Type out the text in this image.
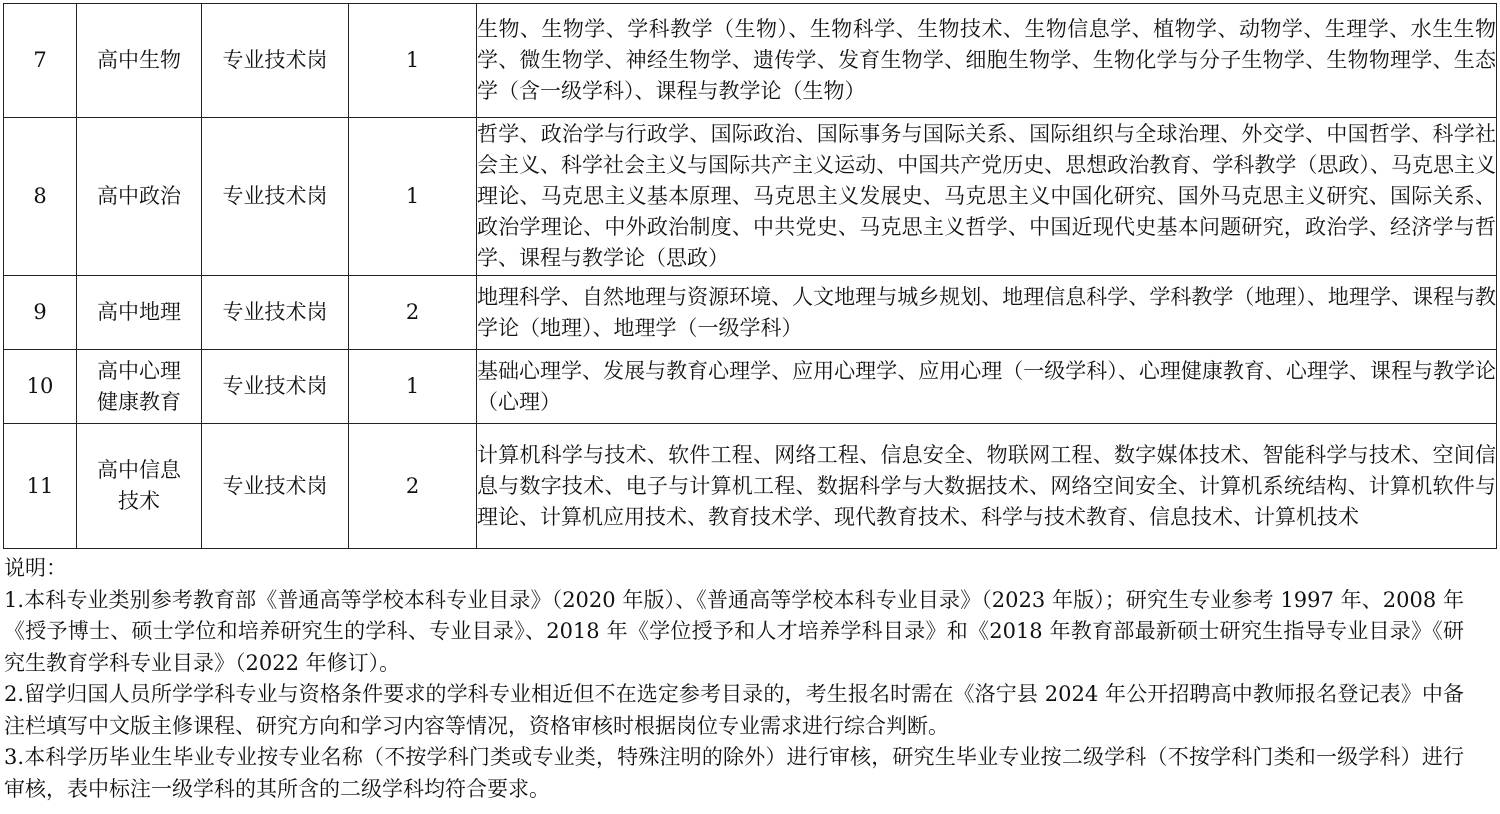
7	高中生物	专业技术岗	1	生物、生物学、学科教学（生物）、生物科学、生物技术、生物信息学、植物学、动物学、生理学、水生生物学、微生物学、神经生物学、遗传学、发育生物学、细胞生物学、生物化学与分子生物学、生物物理学、生态学（含一级学科）、课程与教学论（生物）
8	高中政治	专业技术岗	1	哲学、政治学与行政学、国际政治、国际事务与国际关系、国际组织与全球治理、外交学、中国哲学、科学社会主义、科学社会主义与国际共产主义运动、中国共产党历史、思想政治教育、学科教学（思政）、马克思主义理论、马克思主义基本原理、马克思主义发展史、马克思主义中国化研究、国外马克思主义研究、国际关系、政治学理论、中外政治制度、中共党史、马克思主义哲学、中国近现代史基本问题研究，政治学、经济学与哲学、课程与教学论（思政）
9	高中地理	专业技术岗	2	地理科学、自然地理与资源环境、人文地理与城乡规划、地理信息科学、学科教学（地理）、地理学、课程与教学论（地理）、地理学（一级学科）
10	高中心理健康教育	专业技术岗	1	基础心理学、发展与教育心理学、应用心理学、应用心理（一级学科）、心理健康教育、心理学、课程与教学论（心理）
11	高中信息技术	专业技术岗	2	计算机科学与技术、软件工程、网络工程、信息安全、物联网工程、数字媒体技术、智能科学与技术、空间信息与数字技术、电子与计算机工程、数据科学与大数据技术、网络空间安全、计算机系统结构、计算机软件与理论、计算机应用技术、教育技术学、现代教育技术、科学与技术教育、信息技术、计算机技术

说明：

1.本科专业类别参考教育部《普通高等学校本科专业目录》（2020 年版）、《普通高等学校本科专业目录》（2023 年版）；研究生专业参考 1997 年、2008 年《授予博士、硕士学位和培养研究生的学科、专业目录》、2018 年《学位授予和人才培养学科目录》和《2018 年教育部最新硕士研究生指导专业目录》《研究生教育学科专业目录》（2022 年修订）。

2.留学归国人员所学学科专业与资格条件要求的学科专业相近但不在选定参考目录的，考生报名时需在《洛宁县 2024 年公开招聘高中教师报名登记表》中备注栏填写中文版主修课程、研究方向和学习内容等情况，资格审核时根据岗位专业需求进行综合判断。

3.本科学历毕业生毕业专业按专业名称（不按学科门类或专业类，特殊注明的除外）进行审核，研究生毕业专业按二级学科（不按学科门类和一级学科）进行审核，表中标注一级学科的其所含的二级学科均符合要求。
